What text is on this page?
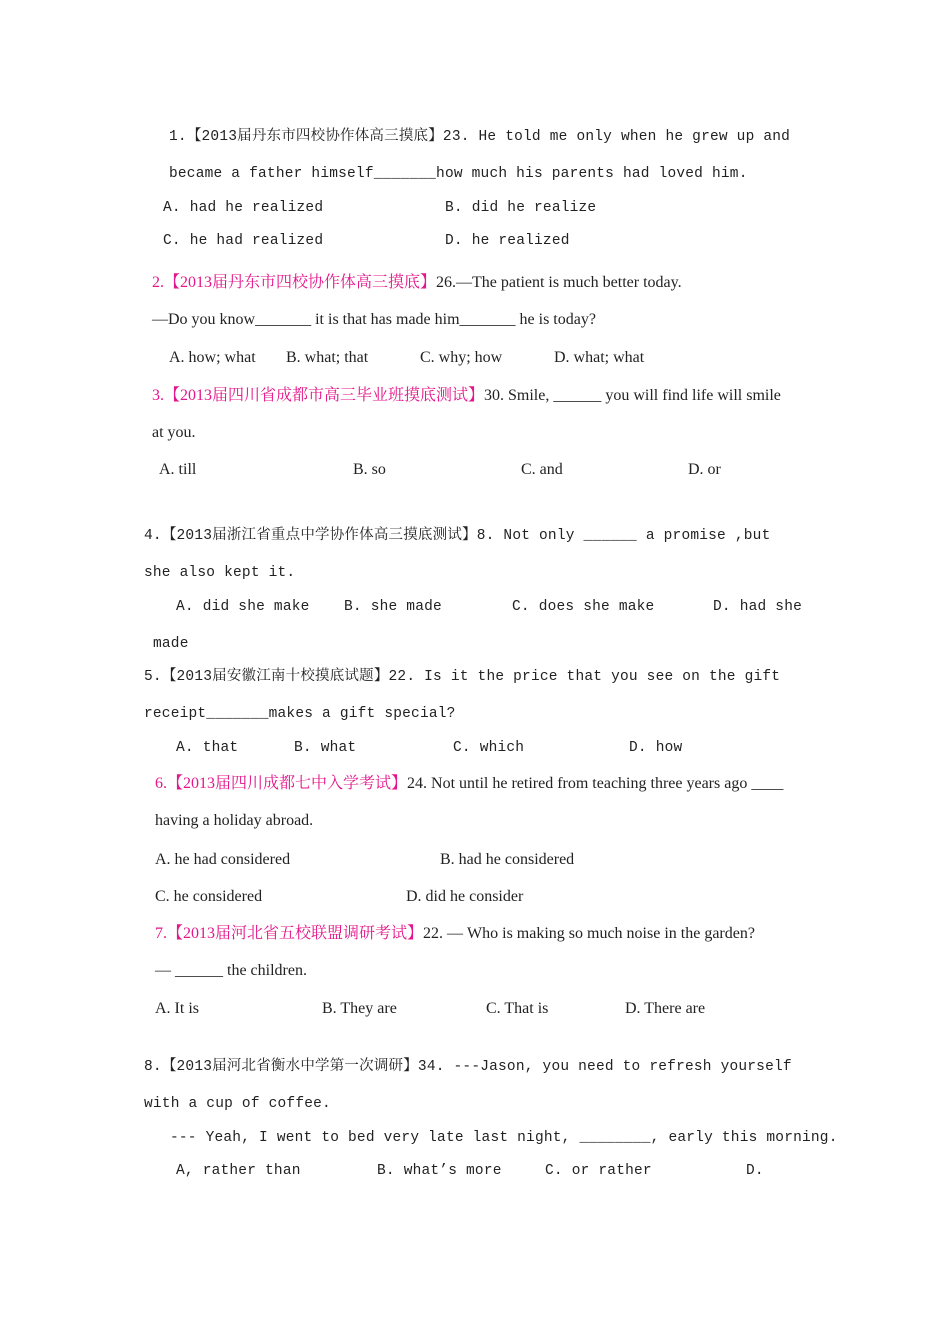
1.【2013届丹东市四校协作体高三摸底】23. He told me only when he grew up and
became a father himself_______how much his parents had loved him.
A. had he realized	B. did he realize
C. he had realized	D. he realized
2.【2013届丹东市四校协作体高三摸底】26.—The patient is much better today.
—Do you know_______ it is that has made him_______ he is today?
A. how; what B. what; that	C. why; how	D. what; what
3.【2013届四川省成都市高三毕业班摸底测试】30. Smile, ______ you will find life will smile
at you.
A. till	B. so	C. and	D. or
4.【2013届浙江省重点中学协作体高三摸底测试】8. Not only ______ a promise ,but
she also kept it.
A. did she make B. she made	C. does she make	D. had she
made
5.【2013届安徽江南十校摸底试题】22. Is it the price that you see on the gift
receipt_______makes a gift special?
A. that	B. what	C. which	D. how
6.【2013届四川成都七中入学考试】24. Not until he retired from teaching three years ago ____
having a holiday abroad.
A. he had considered	B. had he considered
C. he considered	D. did he consider
7.【2013届河北省五校联盟调研考试】22. — Who is making so much noise in the garden?
— ______ the children.
A. It is	B. They are	C. That is	D. There are
8.【2013届河北省衡水中学第一次调研】34. ---Jason, you need to refresh yourself
with a cup of coffee.
--- Yeah, I went to bed very late last night, ________, early this morning.
A, rather than	B. what’s more	C. or rather	D.
